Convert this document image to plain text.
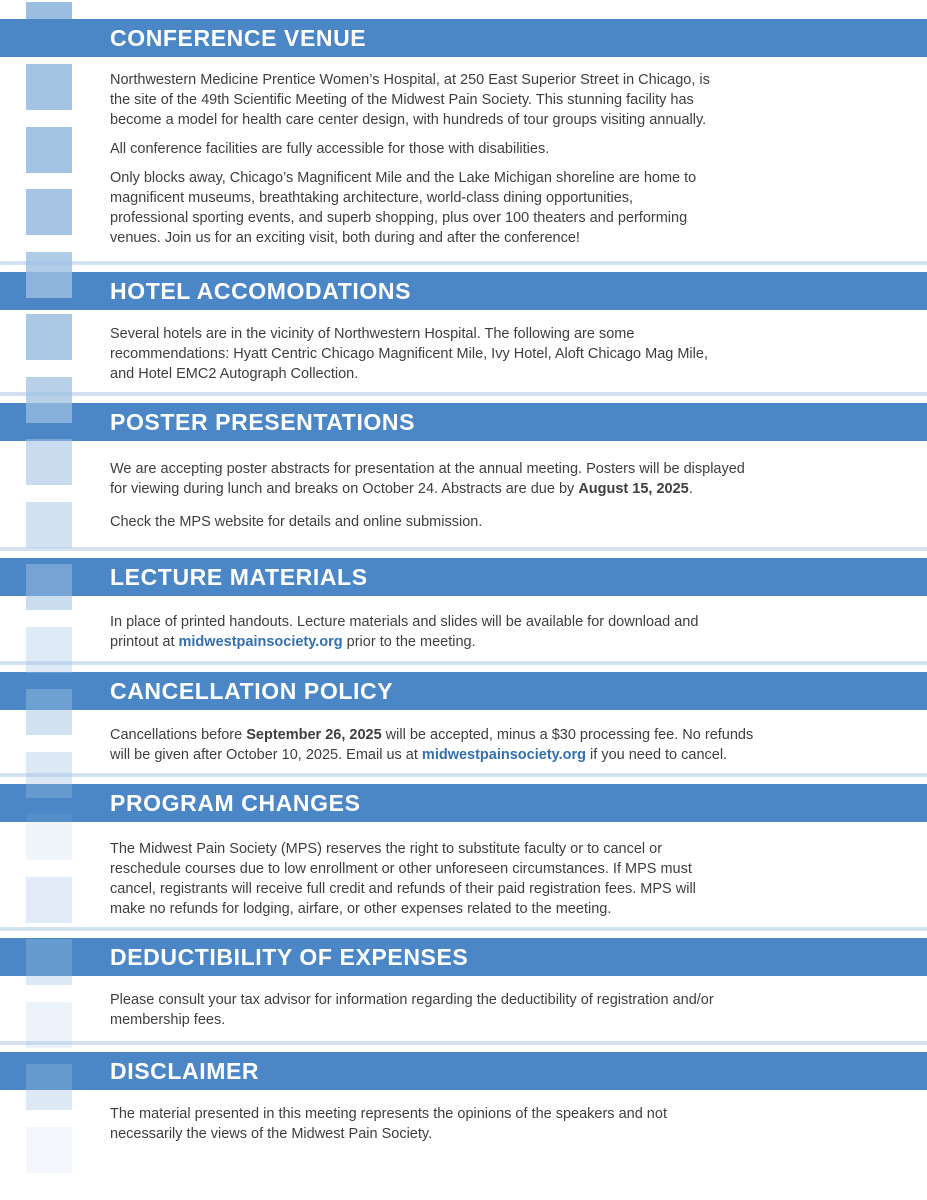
CONFERENCE VENUE

Northwestern Medicine Prentice Women’s Hospital, at 250 East Superior Street in Chicago, is
the site of the 49th Scientific Meeting of the Midwest Pain Society. This stunning facility has
become a model for health care center design, with hundreds of tour groups visiting annually.

All conference facilities are fully accessible for those with disabilities.

Only blocks away, Chicago’s Magnificent Mile and the Lake Michigan shoreline are home to
magnificent museums, breathtaking architecture, world-class dining opportunities,
professional sporting events, and superb shopping, plus over 100 theaters and performing
venues. Join us for an exciting visit, both during and after the conference!

HOTEL ACCOMODATIONS

Several hotels are in the vicinity of Northwestern Hospital. The following are some
recommendations: Hyatt Centric Chicago Magnificent Mile, Ivy Hotel, Aloft Chicago Mag Mile,
and Hotel EMC2 Autograph Collection.

POSTER PRESENTATIONS

We are accepting poster abstracts for presentation at the annual meeting. Posters will be displayed
for viewing during lunch and breaks on October 24. Abstracts are due by August 15, 2025.

Check the MPS website for details and online submission.

LECTURE MATERIALS

In place of printed handouts. Lecture materials and slides will be available for download and
printout at midwestpainsociety.org prior to the meeting.

CANCELLATION POLICY

Cancellations before September 26, 2025 will be accepted, minus a $30 processing fee. No refunds
will be given after October 10, 2025. Email us at midwestpainsociety.org if you need to cancel.

PROGRAM CHANGES

The Midwest Pain Society (MPS) reserves the right to substitute faculty or to cancel or
reschedule courses due to low enrollment or other unforeseen circumstances. If MPS must
cancel, registrants will receive full credit and refunds of their paid registration fees. MPS will
make no refunds for lodging, airfare, or other expenses related to the meeting.

DEDUCTIBILITY OF EXPENSES

Please consult your tax advisor for information regarding the deductibility of registration and/or
membership fees.

DISCLAIMER

The material presented in this meeting represents the opinions of the speakers and not
necessarily the views of the Midwest Pain Society.
